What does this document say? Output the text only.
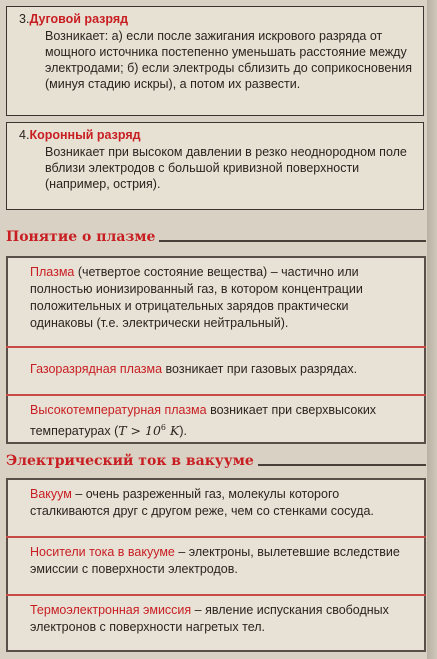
3.Дуговой разряд
Возникает: а) если после зажигания искрового разряда от мощного источника постепенно уменьшать расстояние между электродами; б) если электроды сблизить до соприкосновения (минуя стадию искры), а потом их развести.
4.Коронный разряд
Возникает при высоком давлении в резко неоднородном поле вблизи электродов с большой кривизной поверхности (например, острия).
Понятие о плазме
Плазма (четвертое состояние вещества) – частично или полностью ионизированный газ, в котором концентрации положительных и отрицательных зарядов практически одинаковы (т.е. электрически нейтральный).
Газоразрядная плазма возникает при газовых разрядах.
Высокотемпературная плазма возникает при сверхвысоких температурах ($T > 10^6$ K).
Электрический ток в вакууме
Вакуум – очень разреженный газ, молекулы которого сталкиваются друг с другом реже, чем со стенками сосуда.
Носители тока в вакууме – электроны, вылетевшие вследствие эмиссии с поверхности электродов.
Термоэлектронная эмиссия – явление испускания свободных электронов с поверхности нагретых тел.
